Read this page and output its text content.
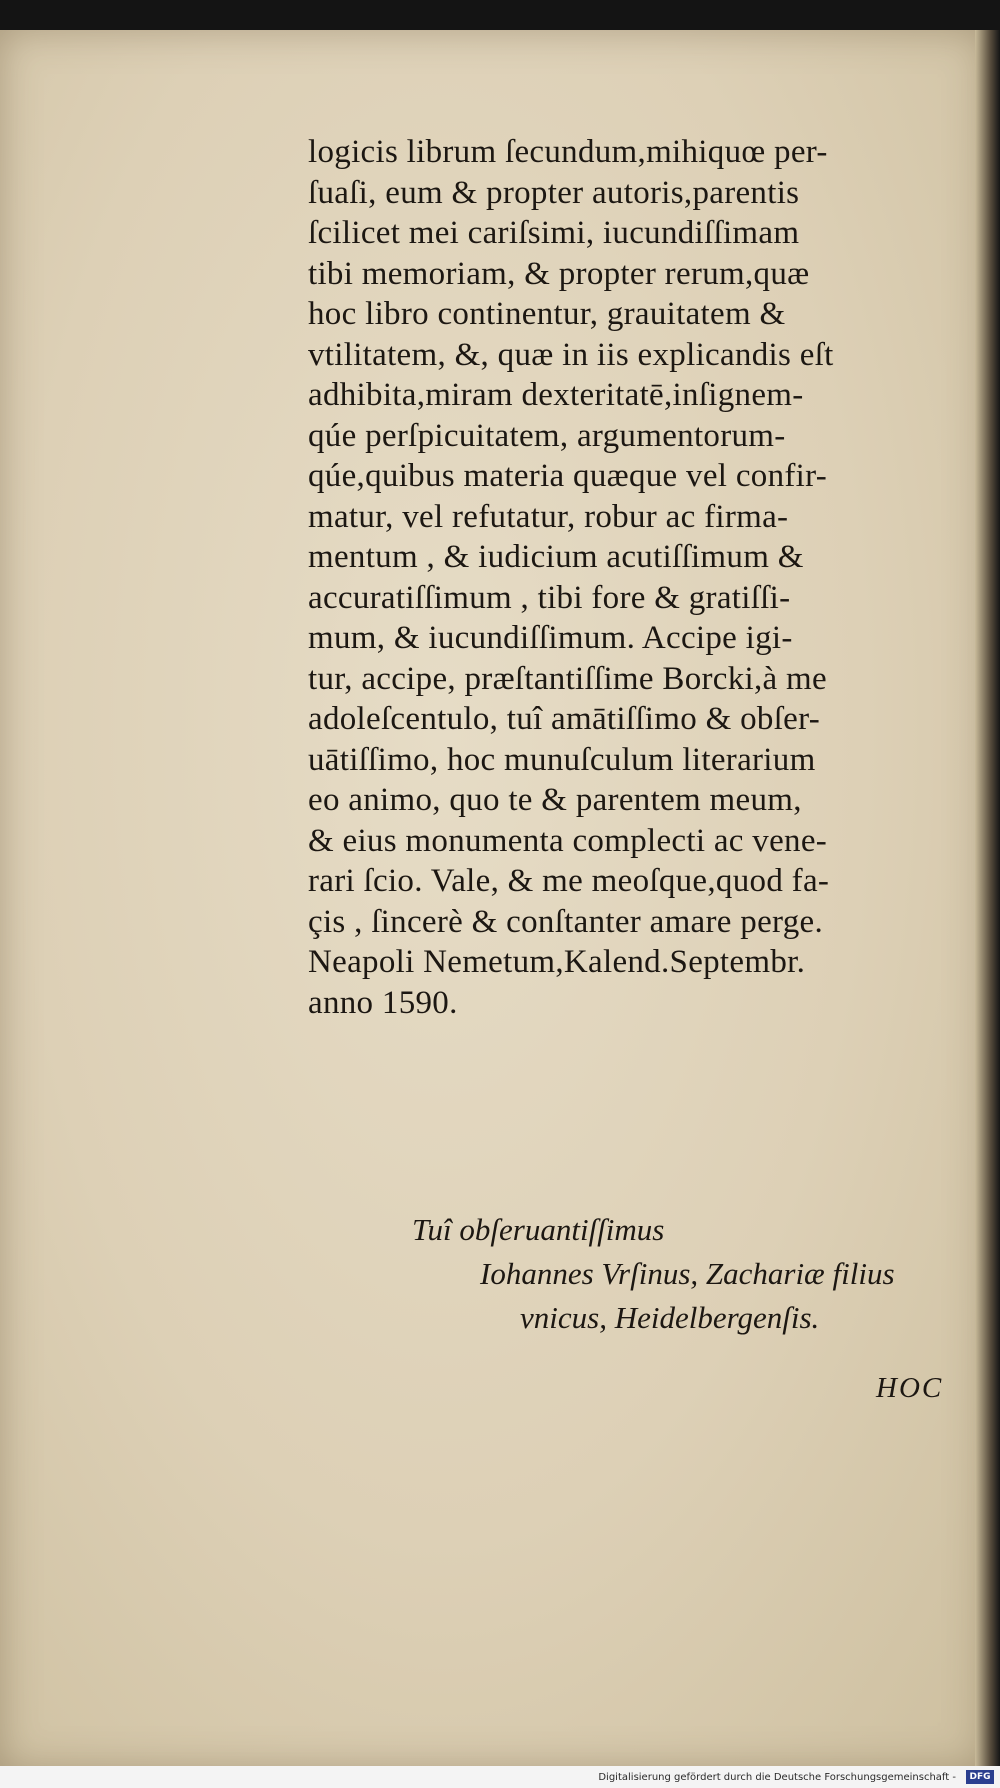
logicis librum ſecundum,mihiquœ per-
ſuaſi, eum & propter autoris,parentis
ſcilicet mei cariſsimi, iucundiſſimam
tibi memoriam, & propter rerum,quæ
hoc libro continentur, grauitatem &
vtilitatem, &, quæ in iis explicandis eſt
adhibita,miram dexteritatē,inſignem-
qúe perſpicuitatem, argumentorum-
qúe,quibus materia quæque vel confir-
matur, vel refutatur, robur ac firma-
mentum , & iudicium acutiſſimum &
accuratiſſimum , tibi fore & gratiſſi-
mum, & iucundiſſimum. Accipe igi-
tur, accipe, præſtantiſſime Borcki,à me
adoleſcentulo, tuî amātiſſimo & obſer-
uātiſſimo, hoc munuſculum literarium
eo animo, quo te & parentem meum,
& eius monumenta complecti ac vene-
rari ſcio. Vale, & me meoſque,quod fa-
çis , ſincerè & conſtanter amare perge.
Neapoli Nemetum,Kalend.Septembr.
anno 1590.
Tuî obſeruantiſſimus
Iohannes Vrſinus, Zachariæ filius
vnicus, Heidelbergenſis.
HOC
Digitalisierung gefördert durch die Deutsche Forschungsgemeinschaft -	DFG
